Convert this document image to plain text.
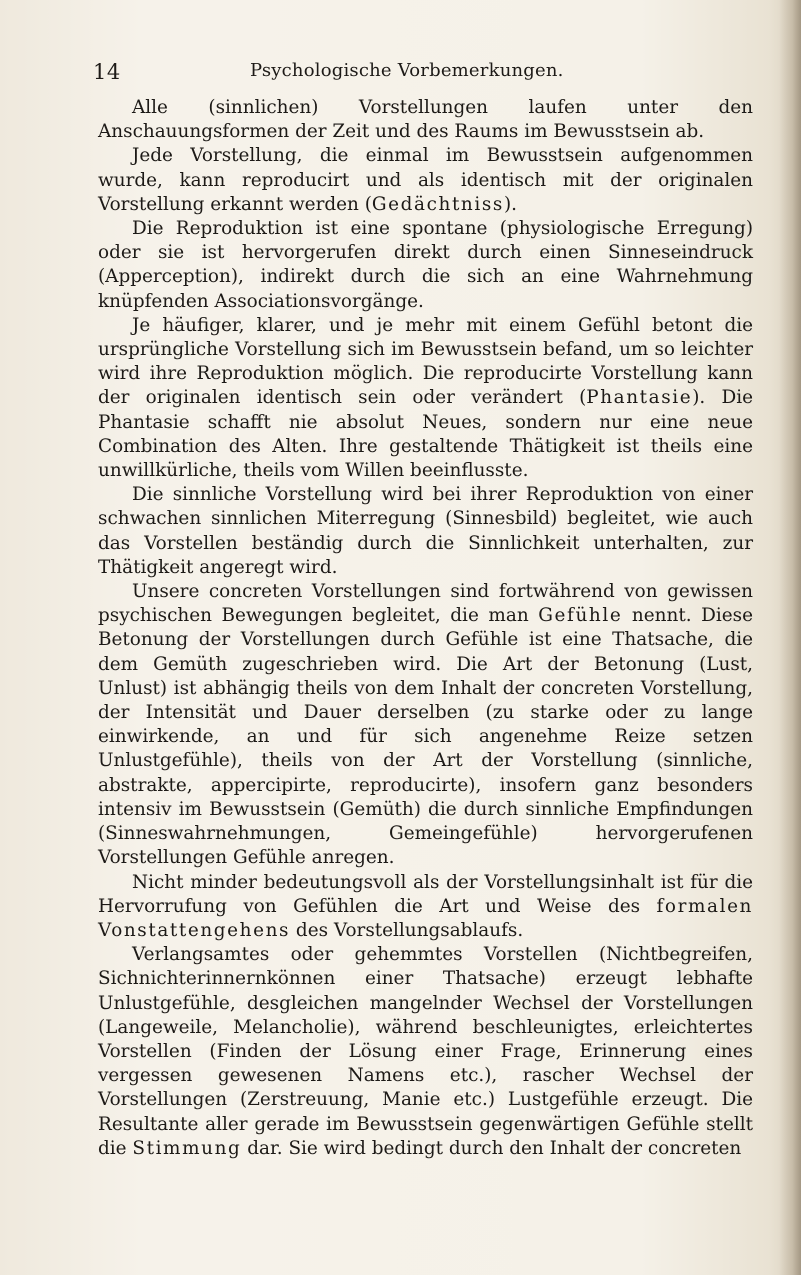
14	Psychologische Vorbemerkungen.

Alle (sinnlichen) Vorstellungen laufen unter den Anschauungsformen der Zeit und des Raums im Bewusstsein ab.

Jede Vorstellung, die einmal im Bewusstsein aufgenommen wurde, kann reproducirt und als identisch mit der originalen Vorstellung erkannt werden (Gedächtniss).

Die Reproduktion ist eine spontane (physiologische Erregung) oder sie ist hervorgerufen direkt durch einen Sinneseindruck (Apperception), indirekt durch die sich an eine Wahrnehmung knüpfenden Associationsvorgänge.

Je häufiger, klarer, und je mehr mit einem Gefühl betont die ursprüngliche Vorstellung sich im Bewusstsein befand, um so leichter wird ihre Reproduktion möglich. Die reproducirte Vorstellung kann der originalen identisch sein oder verändert (Phantasie). Die Phantasie schafft nie absolut Neues, sondern nur eine neue Combination des Alten. Ihre gestaltende Thätigkeit ist theils eine unwillkürliche, theils vom Willen beeinflusste.

Die sinnliche Vorstellung wird bei ihrer Reproduktion von einer schwachen sinnlichen Miterregung (Sinnesbild) begleitet, wie auch das Vorstellen beständig durch die Sinnlichkeit unterhalten, zur Thätigkeit angeregt wird.

Unsere concreten Vorstellungen sind fortwährend von gewissen psychischen Bewegungen begleitet, die man Gefühle nennt. Diese Betonung der Vorstellungen durch Gefühle ist eine Thatsache, die dem Gemüth zugeschrieben wird. Die Art der Betonung (Lust, Unlust) ist abhängig theils von dem Inhalt der concreten Vorstellung, der Intensität und Dauer derselben (zu starke oder zu lange einwirkende, an und für sich angenehme Reize setzen Unlustgefühle), theils von der Art der Vorstellung (sinnliche, abstrakte, appercipirte, reproducirte), insofern ganz besonders intensiv im Bewusstsein (Gemüth) die durch sinnliche Empfindungen (Sinneswahrnehmungen, Gemeingefühle) hervorgerufenen Vorstellungen Gefühle anregen.

Nicht minder bedeutungsvoll als der Vorstellungsinhalt ist für die Hervorrufung von Gefühlen die Art und Weise des formalen Vonstattengehens des Vorstellungsablaufs.

Verlangsamtes oder gehemmtes Vorstellen (Nichtbegreifen, Sichnichterinnernkönnen einer Thatsache) erzeugt lebhafte Unlustgefühle, desgleichen mangelnder Wechsel der Vorstellungen (Langeweile, Melancholie), während beschleunigtes, erleichtertes Vorstellen (Finden der Lösung einer Frage, Erinnerung eines vergessen gewesenen Namens etc.), rascher Wechsel der Vorstellungen (Zerstreuung, Manie etc.) Lustgefühle erzeugt. Die Resultante aller gerade im Bewusstsein gegenwärtigen Gefühle stellt die Stimmung dar. Sie wird bedingt durch den Inhalt der concreten
